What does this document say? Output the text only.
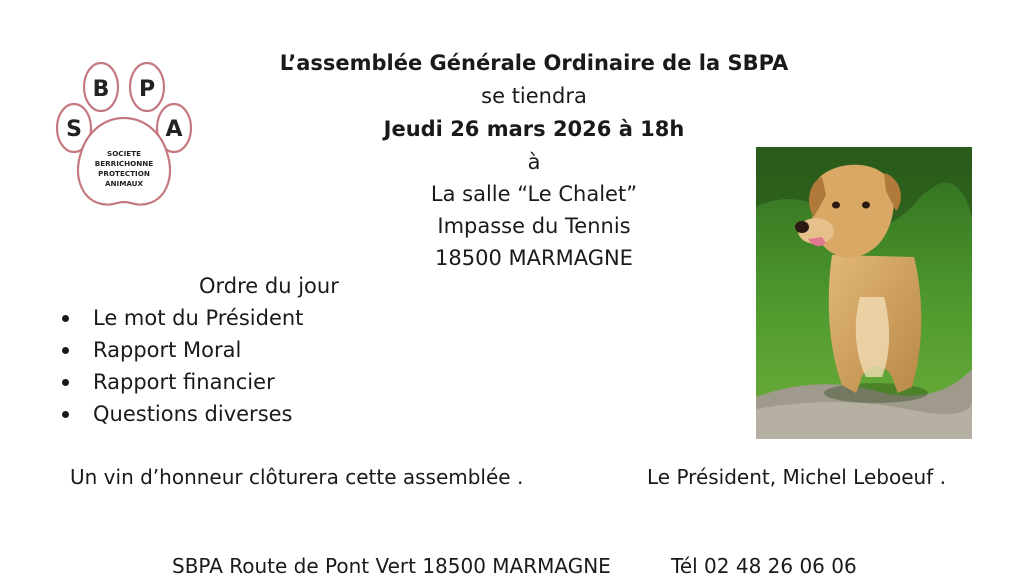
S
B P
A
SOCIETE
BERRICHONNE
PROTECTION
ANIMAUX
L’assemblée Générale Ordinaire de la SBPA
se tiendra
Jeudi 26 mars 2026 à 18h
à
La salle “Le Chalet”
Impasse du Tennis
18500 MARMAGNE
Ordre du jour
Le mot du Président
Rapport Moral
Rapport financier
Questions diverses
Un vin d’honneur clôturera cette assemblée .	Le Président, Michel Leboeuf .
SBPA Route de Pont Vert 18500 MARMAGNE	Tél 02 48 26 06 06
